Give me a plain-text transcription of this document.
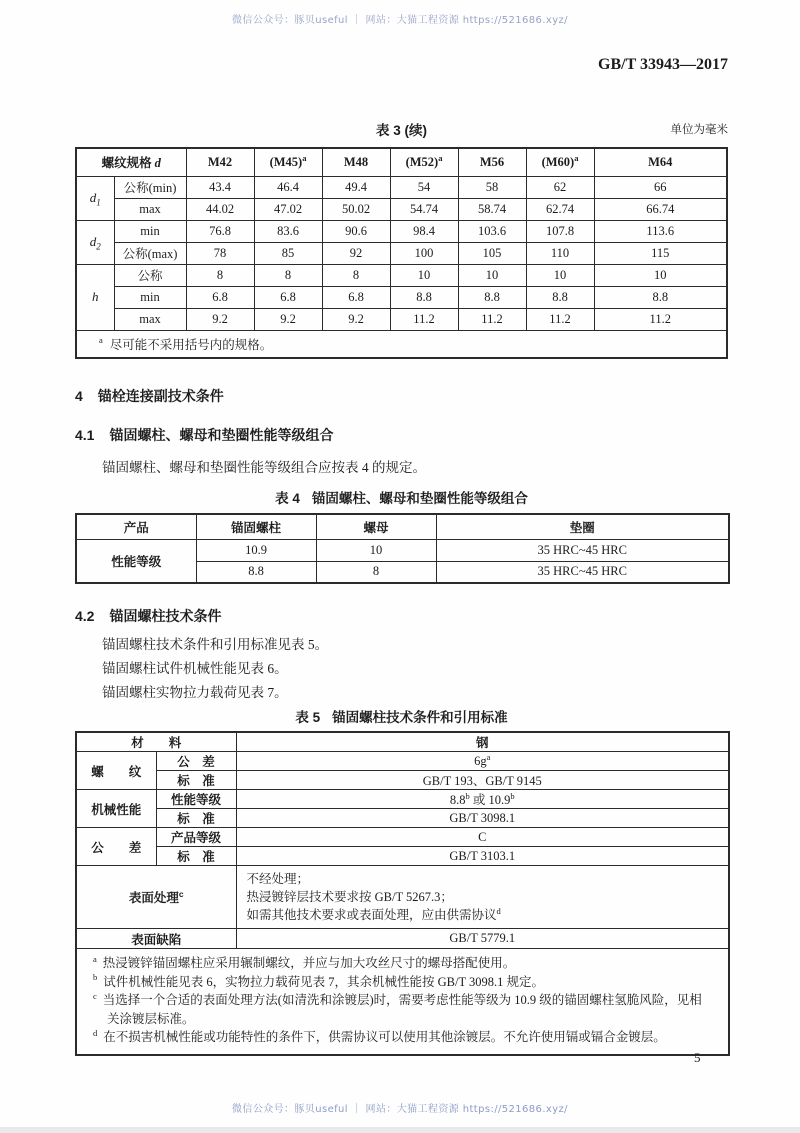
微信公众号：豚贝useful ｜ 网站：大猫工程资源 https://521686.xyz/
GB/T 33943—2017
表 3 (续)	单位为毫米
螺纹规格 d		M42	$(M45)^a$	M48	$(M52)^a$	M56	$(M60)^a$	M64
$d_1$	公称(min)	43.4	46.4	49.4	54	58	62	66
	max	44.02	47.02	50.02	54.74	58.74	62.74	66.74
$d_2$	min	76.8	83.6	90.6	98.4	103.6	107.8	113.6
	公称(max)	78	85	92	100	105	110	115
h	公称	8	8	8	10	10	10	10
	min	6.8	6.8	6.8	8.8	8.8	8.8	8.8
	max	9.2	9.2	9.2	11.2	11.2	11.2	11.2
$^a$ 尽可能不采用括号内的规格。								
4 锚栓连接副技术条件
4.1 锚固螺柱、螺母和垫圈性能等级组合
锚固螺柱、螺母和垫圈性能等级组合应按表 4 的规定。
表 4 锚固螺柱、螺母和垫圈性能等级组合
产品	锚固螺柱	螺母	垫圈
性能等级	10.9	10	35 HRC~45 HRC
	8.8	8	35 HRC~45 HRC
4.2 锚固螺柱技术条件

锚固螺柱技术条件和引用标准见表 5。

锚固螺柱试件机械性能见表 6。

锚固螺柱实物拉力载荷见表 7。

表 5 锚固螺柱技术条件和引用标准
材　　料		钢
螺　　纹	公　差	$6g^a$
	标　准	GB/T 193、GB/T 9145
机械性能	性能等级	8.8$^b$ 或 10.9$^b$
	标　准	GB/T 3098.1
公　　差	产品等级	C
	标　准	GB/T 3103.1
表面处理$^c$		不经处理；
热浸镀锌层技术要求按 GB/T 5267.3；
如需其他技术要求或表面处理，应由供需协议$^d$

表面缺陷		GB/T 5779.1

$^a$ 热浸镀锌锚固螺柱应采用辗制螺纹，并应与加大攻丝尺寸的螺母搭配使用。
$^b$ 试件机械性能见表 6，实物拉力载荷见表 7，其余机械性能按 GB/T 3098.1 规定。
$^c$ 当选择一个合适的表面处理方法(如清洗和涂镀层)时，需要考虑性能等级为 10.9 级的锚固螺柱氢脆风险，见相关涂镀层标准。
$^d$ 在不损害机械性能或功能特性的条件下，供需协议可以使用其他涂镀层。不允许使用镉或镉合金镀层。		
5
微信公众号：豚贝useful ｜ 网站：大猫工程资源 https://521686.xyz/
